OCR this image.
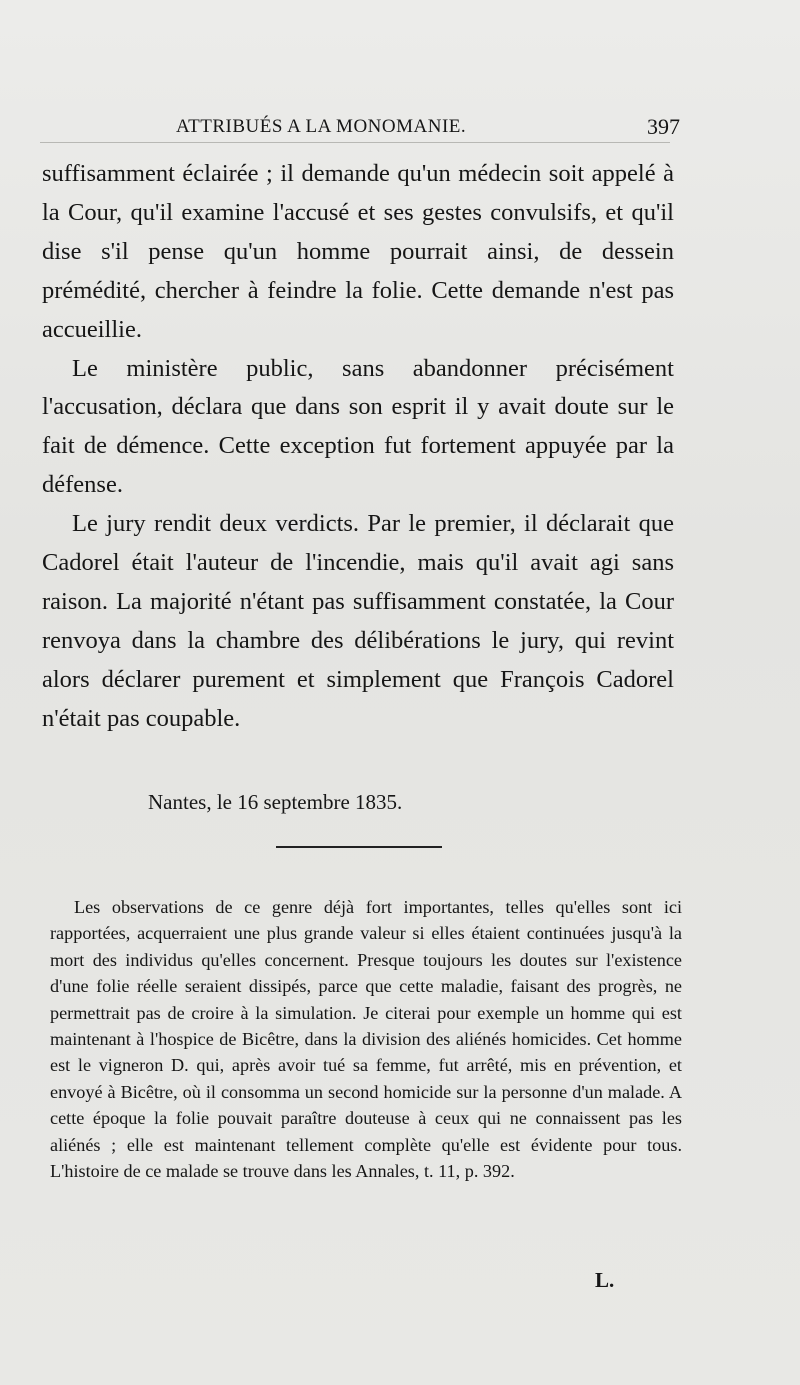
ATTRIBUÉS A LA MONOMANIE.	397

suffisamment éclairée ; il demande qu'un médecin soit appelé à la Cour, qu'il examine l'accusé et ses gestes convulsifs, et qu'il dise s'il pense qu'un homme pourrait ainsi, de dessein prémédité, chercher à feindre la folie. Cette demande n'est pas accueillie.

Le ministère public, sans abandonner précisément l'accusation, déclara que dans son esprit il y avait doute sur le fait de démence. Cette exception fut fortement appuyée par la défense.

Le jury rendit deux verdicts. Par le premier, il déclarait que Cadorel était l'auteur de l'incendie, mais qu'il avait agi sans raison. La majorité n'étant pas suffisamment constatée, la Cour renvoya dans la chambre des délibérations le jury, qui revint alors déclarer purement et simplement que François Cadorel n'était pas coupable.

Nantes, le 16 septembre 1835.

Les observations de ce genre déjà fort importantes, telles qu'elles sont ici rapportées, acquerraient une plus grande valeur si elles étaient continuées jusqu'à la mort des individus qu'elles concernent. Presque toujours les doutes sur l'existence d'une folie réelle seraient dissipés, parce que cette maladie, faisant des progrès, ne permettrait pas de croire à la simulation. Je citerai pour exemple un homme qui est maintenant à l'hospice de Bicêtre, dans la division des aliénés homicides. Cet homme est le vigneron D. qui, après avoir tué sa femme, fut arrêté, mis en prévention, et envoyé à Bicêtre, où il consomma un second homicide sur la personne d'un malade. A cette époque la folie pouvait paraître douteuse à ceux qui ne connaissent pas les aliénés ; elle est maintenant tellement complète qu'elle est évidente pour tous. L'histoire de ce malade se trouve dans les Annales, t. 11, p. 392.

L.
